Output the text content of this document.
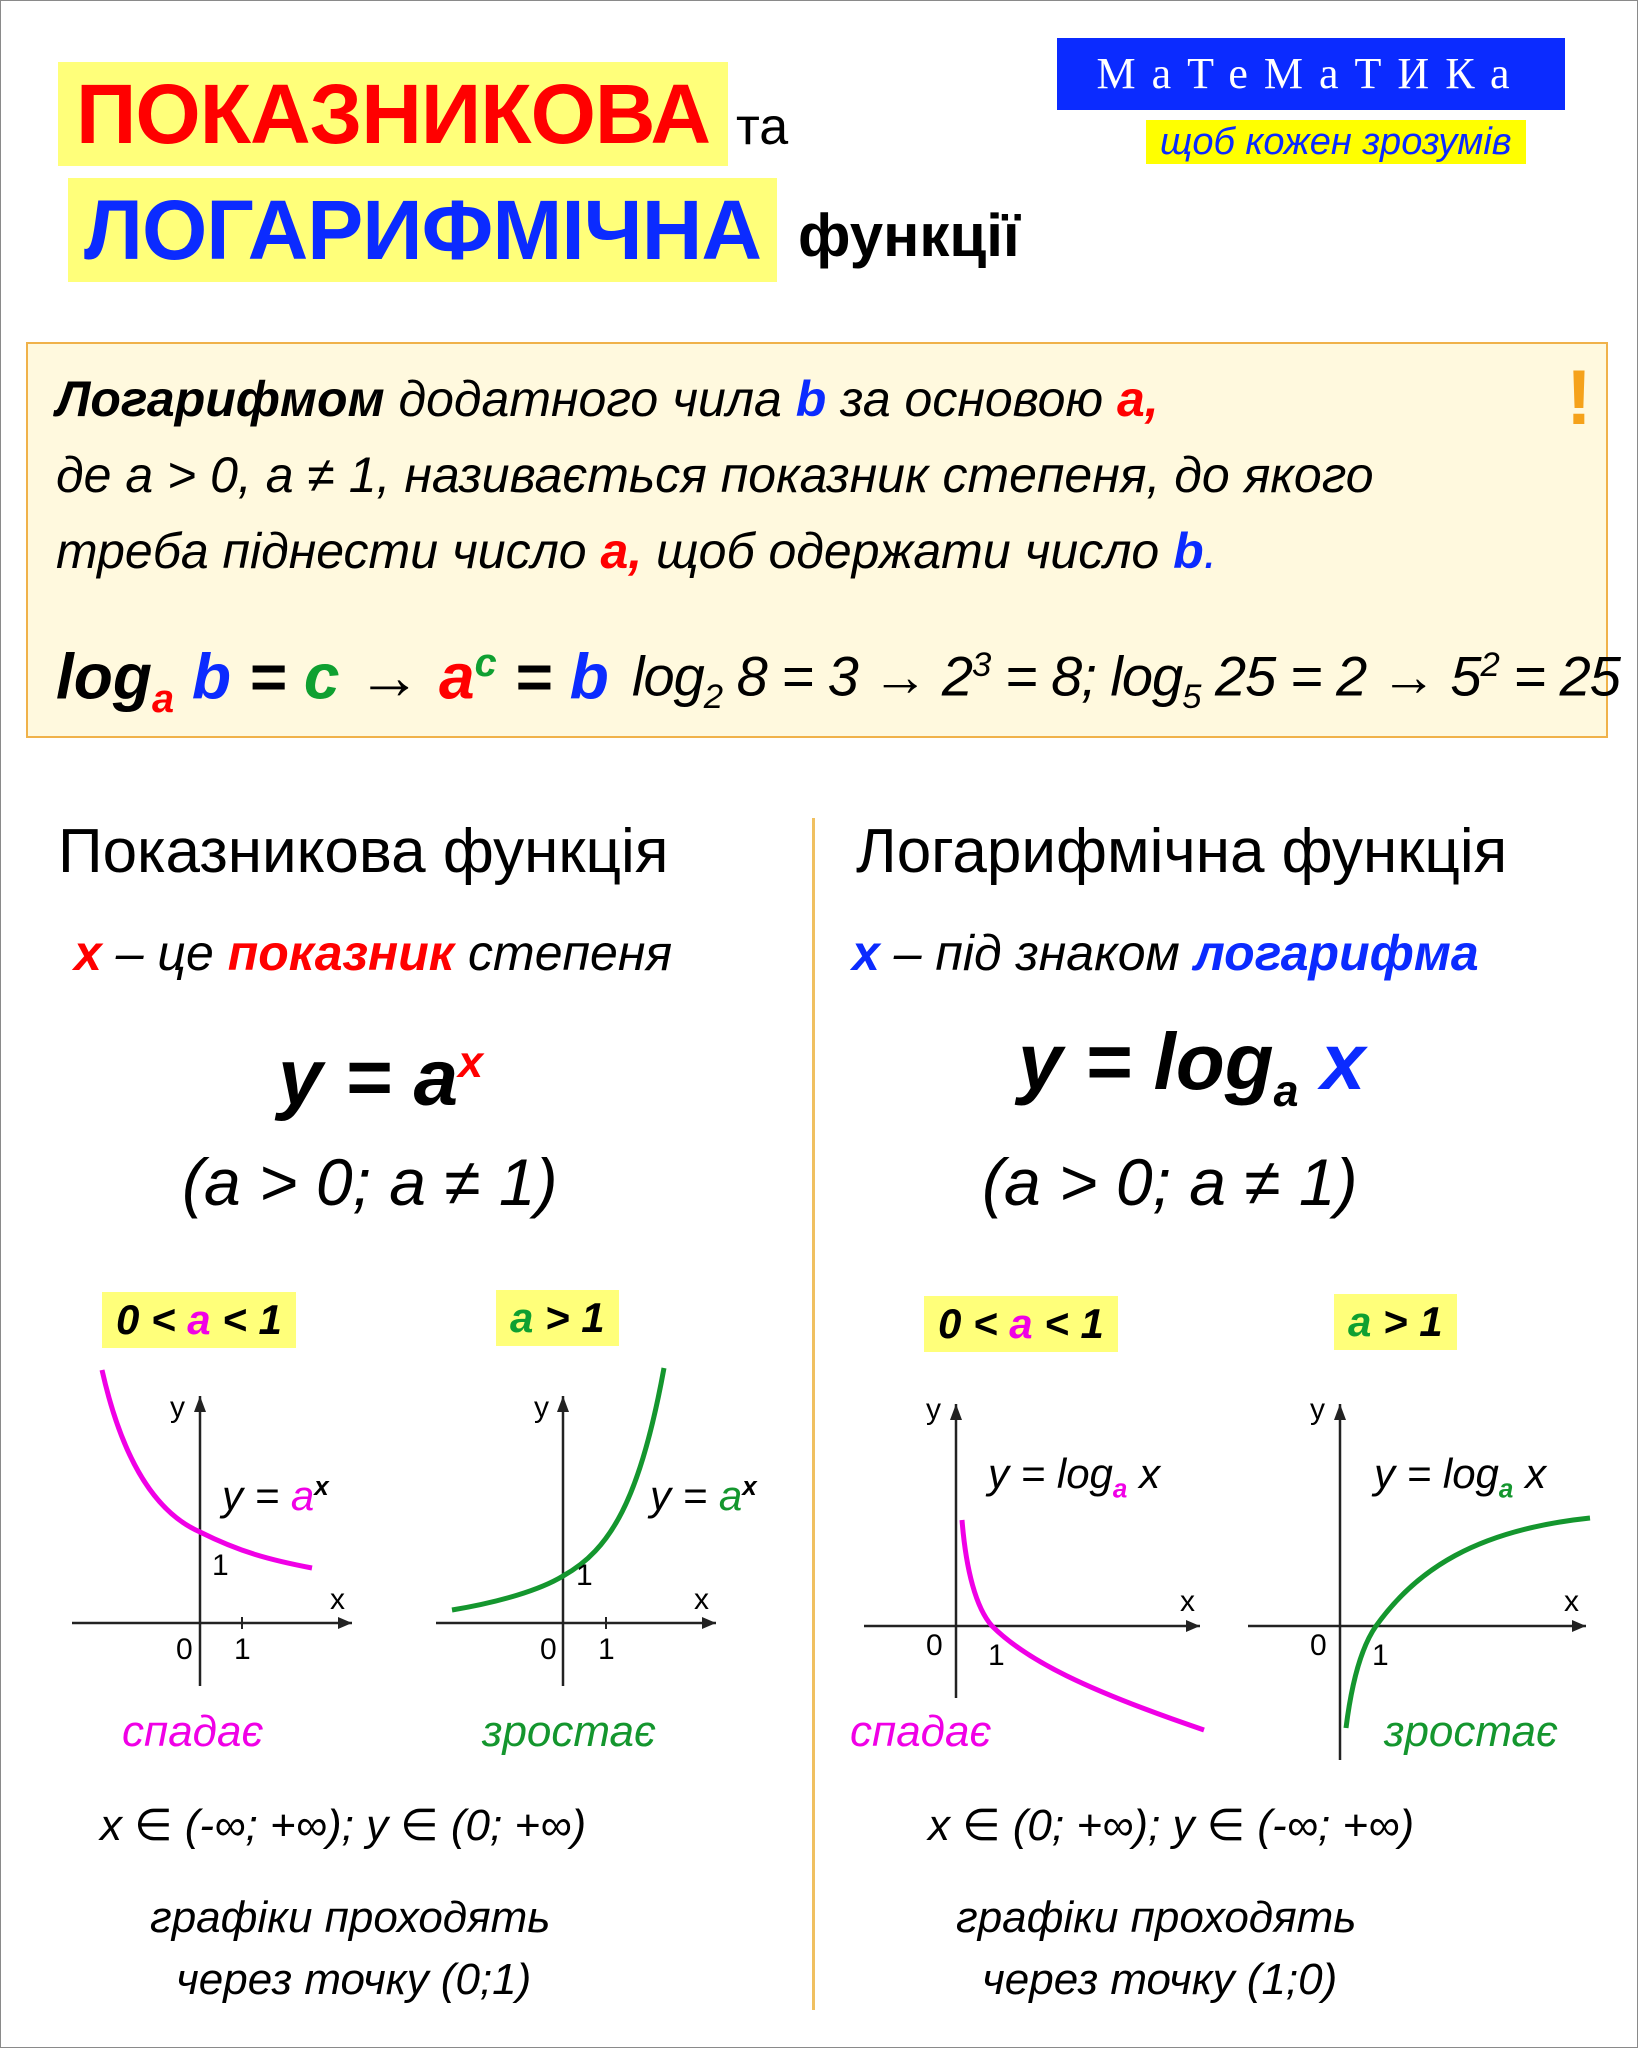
ПОКАЗНИКОВА та
ЛОГАРИФМІЧНА функції
МаТеМаТИКа
щоб кожен зрозумів
!
Логарифмом додатного чила b за основою a,
де a > 0, a ≠ 1, називається показник степеня, до якого
треба піднести число a, щоб одержати число b.
$\log_a b = c \to a^c = b$ $\log_2 8 = 3 \to 2^3 = 8$; $\log_5 25 = 2 \to 5^2 = 25$
Показникова функція
x – це показник степеня
$y = a^x$
(a > 0; a ≠ 1)
0 < a < 1	a > 1
y
x
0 1
1
$y = a^x$
спадає
y
x
0 1
1
$y = a^x$
зростає
x ∈ (-∞; +∞); y ∈ (0; +∞)
графіки проходять
через точку (0;1)
Логарифмічна функція
x – під знаком логарифма
$y = \log_a x$
(a > 0; a ≠ 1)
0 < a < 1	a > 1
y
x
0 1
$y = \log_a x$
спадає
y
x
0 1
$y = \log_a x$
зростає
x ∈ (0; +∞); y ∈ (-∞; +∞)
графіки проходять
через точку (1;0)
